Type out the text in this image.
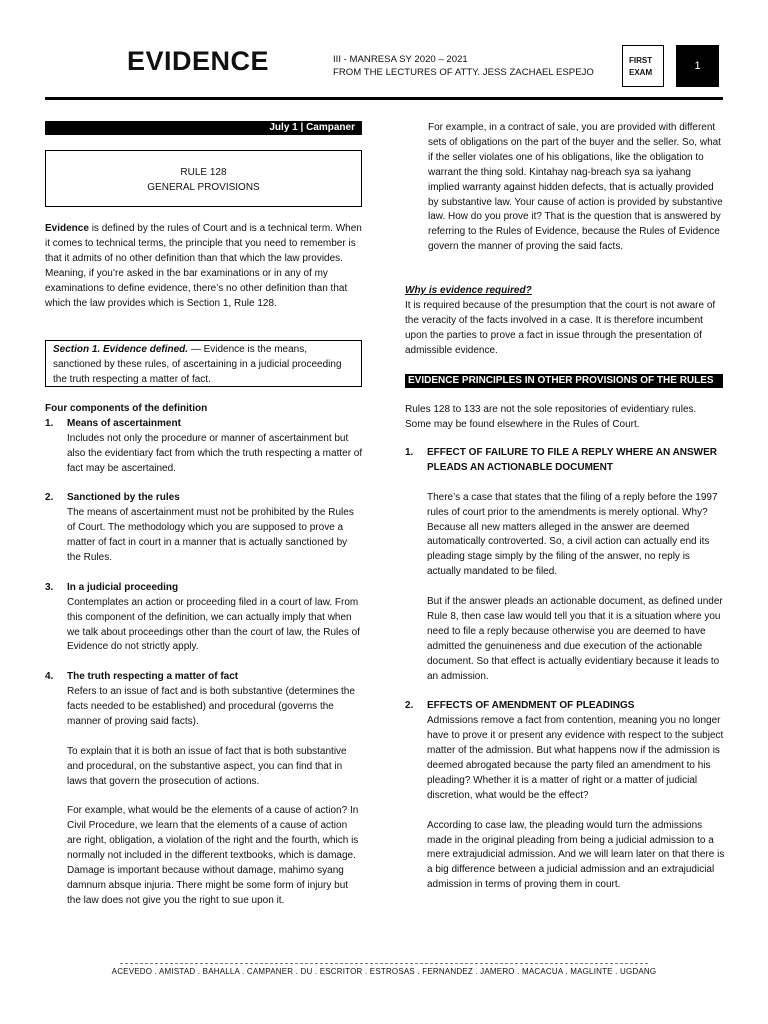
EVIDENCE	III - MANRESA SY 2020 – 2021
FROM THE LECTURES OF ATTY. JESS ZACHAEL ESPEJO
FIRST
EXAM
1
July 1 | Campaner
RULE 128
GENERAL PROVISIONS

Evidence is defined by the rules of Court and is a technical term. When it comes to technical terms, the principle that you need to remember is that it admits of no other definition than that which the law provides. Meaning, if you’re asked in the bar examinations or in any of my examinations to define evidence, there’s no other definition than that which the law provides which is Section 1, Rule 128.

Section 1. Evidence defined. — Evidence is the means, sanctioned by these rules, of ascertaining in a judicial proceeding the truth respecting a matter of fact.

Four components of the definition

1. Means of ascertainment

Includes not only the procedure or manner of ascertainment but also the evidentiary fact from which the truth respecting a matter of fact may be ascertained.

2. Sanctioned by the rules

The means of ascertainment must not be prohibited by the Rules of Court. The methodology which you are supposed to prove a matter of fact in court in a manner that is actually sanctioned by the Rules.

3. In a judicial proceeding

Contemplates an action or proceeding filed in a court of law. From this component of the definition, we can actually imply that when we talk about proceedings other than the court of law, the Rules of Evidence do not strictly apply.

4. The truth respecting a matter of fact

Refers to an issue of fact and is both substantive (determines the facts needed to be established) and procedural (governs the manner of proving said facts).

To explain that it is both an issue of fact that is both substantive and procedural, on the substantive aspect, you can find that in laws that govern the prosecution of actions.

For example, what would be the elements of a cause of action? In Civil Procedure, we learn that the elements of a cause of action are right, obligation, a violation of the right and the fourth, which is normally not included in the different textbooks, which is damage. Damage is important because without damage, mahimo syang damnum absque injuria. There might be some form of injury but the law does not give you the right to sue upon it.

For example, in a contract of sale, you are provided with different sets of obligations on the part of the buyer and the seller. So, what if the seller violates one of his obligations, like the obligation to warrant the thing sold. Kintahay nag-breach sya sa iyahang implied warranty against hidden defects, that is actually provided by substantive law. Your cause of action is provided by substantive law. How do you prove it? That is the question that is answered by referring to the Rules of Evidence, because the Rules of Evidence govern the manner of proving the said facts.

Why is evidence required?

It is required because of the presumption that the court is not aware of the veracity of the facts involved in a case. It is therefore incumbent upon the parties to prove a fact in issue through the presentation of admissible evidence.

EVIDENCE PRINCIPLES IN OTHER PROVISIONS OF THE RULES
Rules 128 to 133 are not the sole repositories of evidentiary rules. Some may be found elsewhere in the Rules of Court.
1.	EFFECT OF FAILURE TO FILE A REPLY WHERE AN ANSWER PLEADS AN ACTIONABLE DOCUMENT

There’s a case that states that the filing of a reply before the 1997 rules of court prior to the amendments is merely optional. Why? Because all new matters alleged in the answer are deemed automatically controverted. So, a civil action can actually end its pleading stage simply by the filing of the answer, no reply is actually mandated to be filed.

But if the answer pleads an actionable document, as defined under Rule 8, then case law would tell you that it is a situation where you need to file a reply because otherwise you are deemed to have admitted the genuineness and due execution of the actionable document. So that effect is actually evidentiary because it leads to an admission.

2.	EFFECTS OF AMENDMENT OF PLEADINGS

Admissions remove a fact from contention, meaning you no longer have to prove it or present any evidence with respect to the subject matter of the admission. But what happens now if the admission is deemed abrogated because the party filed an amendment to his pleading? Whether it is a matter of right or a matter of judicial discretion, what would be the effect?

According to case law, the pleading would turn the admissions made in the original pleading from being a judicial admission to a mere extrajudicial admission. And we will learn later on that there is a big difference between a judicial admission and an extrajudicial admission in terms of proving them in court.

ACEVEDO . AMISTAD . BAHALLA . CAMPANER . DU . ESCRITOR . ESTROSAS . FERNANDEZ . JAMERO . MACACUA . MAGLINTE . UGDANG
